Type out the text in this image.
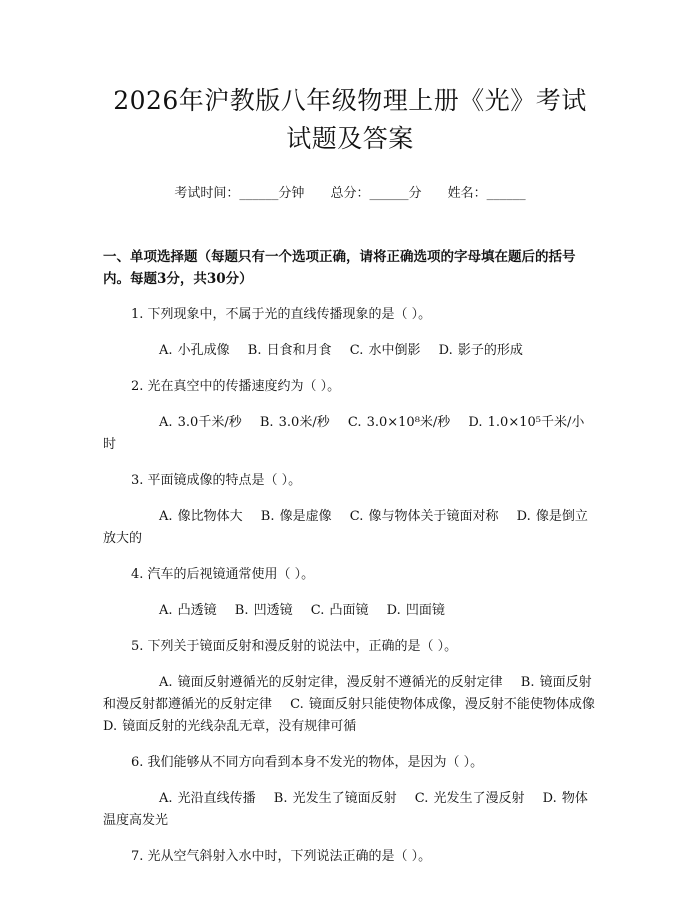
2026年沪教版八年级物理上册《光》考试试题及答案
考试时间：______分钟 总分：______分 姓名：______
一、单项选择题（每题只有一个选项正确，请将正确选项的字母填在题后的括号内。每题3分，共30分）
1. 下列现象中，不属于光的直线传播现象的是（ ）。
A. 小孔成像　 B. 日食和月食　 C. 水中倒影　 D. 影子的形成
2. 光在真空中的传播速度约为（ ）。
A. 3.0千米/秒　 B. 3.0米/秒　 C. 3.0×10⁸米/秒　 D. 1.0×10⁵千米/小时
3. 平面镜成像的特点是（ ）。
A. 像比物体大　 B. 像是虚像　 C. 像与物体关于镜面对称　 D. 像是倒立放大的
4. 汽车的后视镜通常使用（ ）。
A. 凸透镜　 B. 凹透镜　 C. 凸面镜　 D. 凹面镜
5. 下列关于镜面反射和漫反射的说法中，正确的是（ ）。
A. 镜面反射遵循光的反射定律，漫反射不遵循光的反射定律　 B. 镜面反射和漫反射都遵循光的反射定律　 C. 镜面反射只能使物体成像，漫反射不能使物体成像　 D. 镜面反射的光线杂乱无章，没有规律可循
6. 我们能够从不同方向看到本身不发光的物体，是因为（ ）。
A. 光沿直线传播　 B. 光发生了镜面反射　 C. 光发生了漫反射　 D. 物体温度高发光
7. 光从空气斜射入水中时，下列说法正确的是（ ）。
